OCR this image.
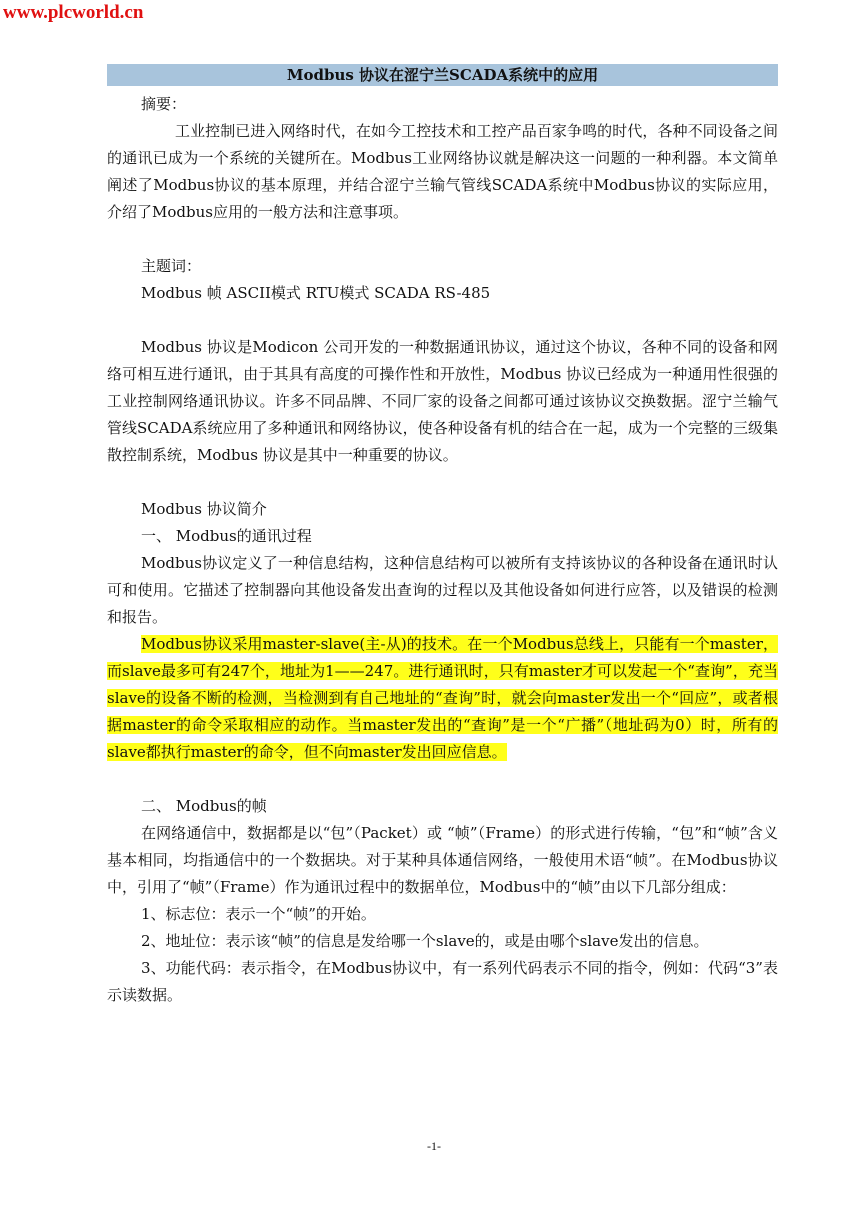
www.plcworld.cn
Modbus 协议在涩宁兰SCADA系统中的应用

摘要：

工业控制已进入网络时代，在如今工控技术和工控产品百家争鸣的时代，各种不同设备之间的通讯已成为一个系统的关键所在。Modbus工业网络协议就是解决这一问题的一种利器。本文简单阐述了Modbus协议的基本原理，并结合涩宁兰输气管线SCADA系统中Modbus协议的实际应用，介绍了Modbus应用的一般方法和注意事项。

主题词：

Modbus 帧 ASCII模式 RTU模式 SCADA RS-485

Modbus 协议是Modicon 公司开发的一种数据通讯协议，通过这个协议，各种不同的设备和网络可相互进行通讯，由于其具有高度的可操作性和开放性，Modbus 协议已经成为一种通用性很强的工业控制网络通讯协议。许多不同品牌、不同厂家的设备之间都可通过该协议交换数据。涩宁兰输气管线SCADA系统应用了多种通讯和网络协议，使各种设备有机的结合在一起，成为一个完整的三级集散控制系统，Modbus 协议是其中一种重要的协议。

Modbus 协议简介

一、 Modbus的通讯过程

Modbus协议定义了一种信息结构，这种信息结构可以被所有支持该协议的各种设备在通讯时认可和使用。它描述了控制器向其他设备发出查询的过程以及其他设备如何进行应答，以及错误的检测和报告。

Modbus协议采用master-slave(主-从)的技术。在一个Modbus总线上，只能有一个master，而slave最多可有247个，地址为1——247。进行通讯时，只有master才可以发起一个“查询”，充当slave的设备不断的检测，当检测到有自己地址的“查询”时，就会向master发出一个“回应”，或者根据master的命令采取相应的动作。当master发出的“查询”是一个“广播”（地址码为0）时，所有的slave都执行master的命令，但不向master发出回应信息。

二、 Modbus的帧

在网络通信中，数据都是以“包”（Packet）或 “帧”（Frame）的形式进行传输，“包”和“帧”含义基本相同，均指通信中的一个数据块。对于某种具体通信网络，一般使用术语“帧”。在Modbus协议中，引用了“帧”（Frame）作为通讯过程中的数据单位，Modbus中的“帧”由以下几部分组成：

1、标志位：表示一个“帧”的开始。

2、地址位：表示该“帧”的信息是发给哪一个slave的，或是由哪个slave发出的信息。

3、功能代码：表示指令，在Modbus协议中，有一系列代码表示不同的指令，例如：代码“3”表示读数据。

-1-
